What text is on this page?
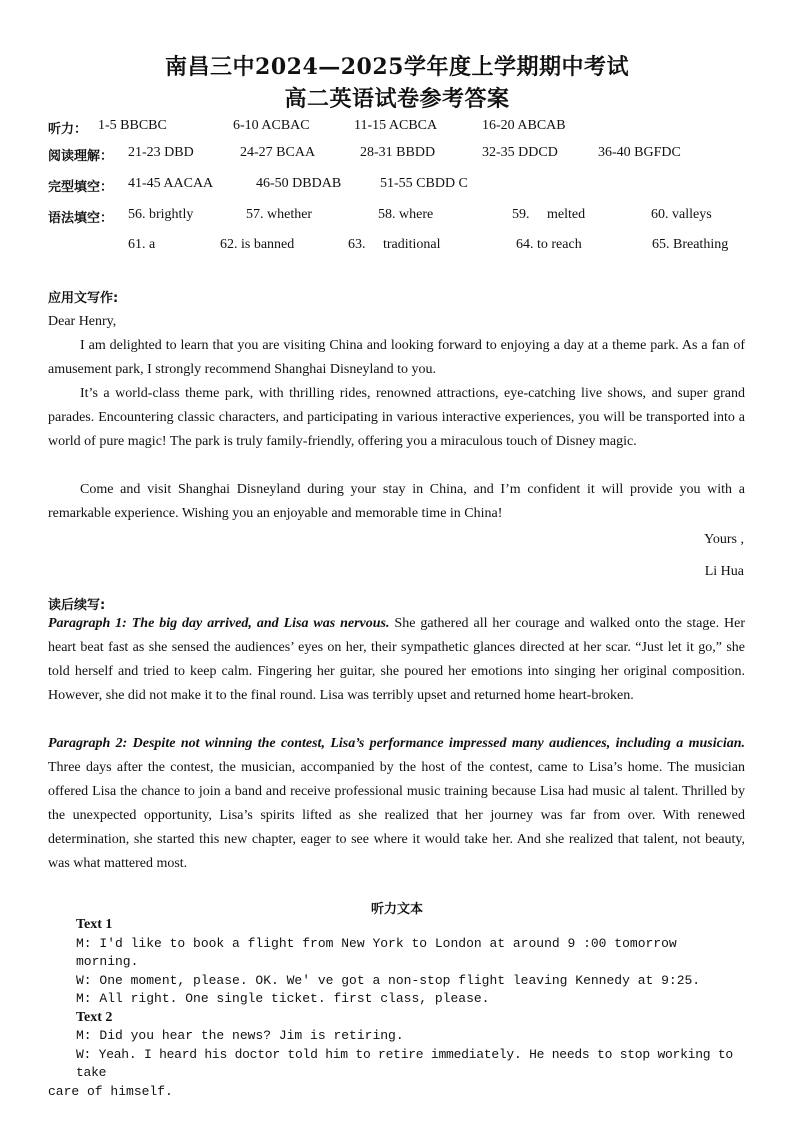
南昌三中2024—2025学年度上学期期中考试
高二英语试卷参考答案
听力： 1-5 BBCBC	6-10 ACBAC	11-15 ACBCA	16-20 ABCAB
阅读理解： 21-23 DBD	24-27 BCAA	28-31 BBDD	32-35 DDCD	36-40 BGFDC
完型填空： 41-45 AACAA	46-50 DBDAB	51-55 CBDD C
语法填空： 56. brightly	57. whether	58. where	59.     melted	60. valleys
61. a	62. is banned	63.     traditional	64. to reach	65. Breathing
应用文写作:
Dear Henry,
I am delighted to learn that you are visiting China and looking forward to enjoying a day at a theme park. As a fan of amusement park, I strongly recommend Shanghai Disneyland to you.
It’s a world-class theme park, with thrilling rides, renowned attractions, eye-catching live shows, and super grand parades. Encountering classic characters, and participating in various interactive experiences, you will be transported into a world of pure magic! The park is truly family-friendly, offering you a miraculous touch of Disney magic.
Come and visit Shanghai Disneyland during your stay in China, and I’m confident it will provide you with a remarkable experience. Wishing you an enjoyable and memorable time in China!
Yours ,
Li Hua
读后续写:
Paragraph 1: The big day arrived, and Lisa was nervous. She gathered all her courage and walked onto the stage. Her heart beat fast as she sensed the audiences’ eyes on her, their sympathetic glances directed at her scar. “Just let it go,” she told herself and tried to keep calm. Fingering her guitar, she poured her emotions into singing her original composition. However, she did not make it to the final round. Lisa was terribly upset and returned home heart-broken.
Paragraph 2: Despite not winning the contest, Lisa’s performance impressed many audiences, including a musician. Three days after the contest, the musician, accompanied by the host of the contest, came to Lisa’s home. The musician offered Lisa the chance to join a band and receive professional music training because Lisa had music al talent. Thrilled by the unexpected opportunity, Lisa’s spirits lifted as she realized that her journey was far from over. With renewed determination, she started this new chapter, eager to see where it would take her. And she realized that talent, not beauty, was what mattered most.
听力文本
Text 1
M: I'd like to book a flight from New York to London at around 9 :00 tomorrow morning.
W: One moment, please. OK. We' ve got a non-stop flight leaving Kennedy at 9:25.
M: All right. One single ticket. first class, please.
Text 2
M: Did you hear the news? Jim is retiring.
W: Yeah. I heard his doctor told him to retire immediately. He needs to stop working to take
care of himself.
